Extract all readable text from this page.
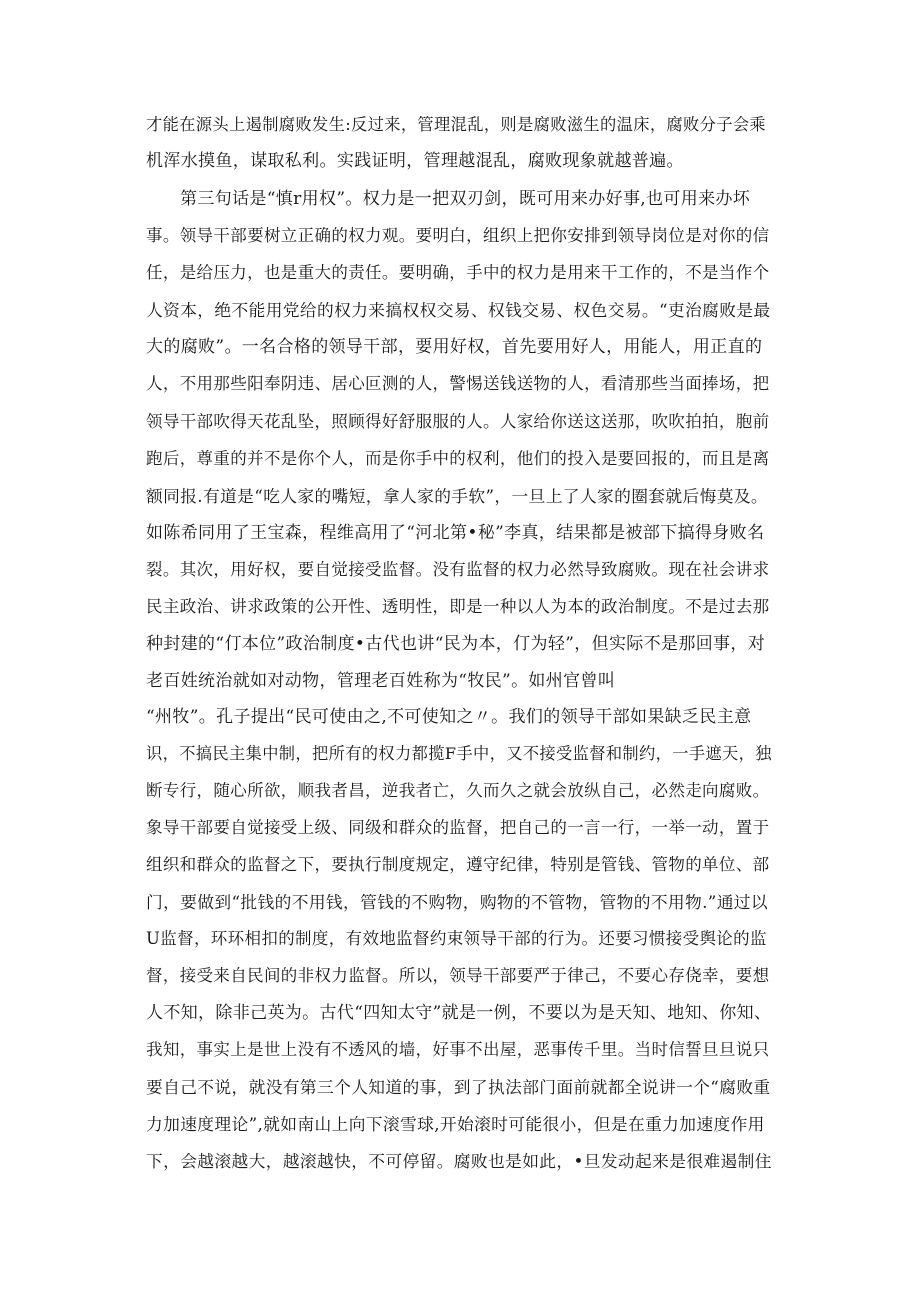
才能在源头上遏制腐败发生:反过来，管理混乱，则是腐败滋生的温床，腐败分子会乘
机浑水摸鱼，谋取私利。实践证明，管理越混乱，腐败现象就越普遍。
第三句话是“慎r用权”。权力是一把双刃剑，既可用来办好事,也可用来办坏
事。领导干部要树立正确的权力观。要明白，组织上把你安排到领导岗位是对你的信
任，是给压力，也是重大的责任。要明确，手中的权力是用来干工作的，不是当作个
人资本，绝不能用党给的权力来搞权权交易、权钱交易、权色交易。“吏治腐败是最
大的腐败”。一名合格的领导干部，要用好权，首先要用好人，用能人，用正直的
人，不用那些阳奉阴违、居心叵测的人，警惕送钱送物的人，看清那些当面捧场，把
领导干部吹得天花乱坠，照顾得好舒服服的人。人家给你送这送那，吹吹拍拍，胞前
跑后，尊重的并不是你个人，而是你手中的权利，他们的投入是要回报的，而且是离
额同报.有道是“吃人家的嘴短，拿人家的手软”，一旦上了人家的圈套就后悔莫及。
如陈希同用了王宝森，程维高用了“河北第•秘”李真，结果都是被部下搞得身败名
裂。其次，用好权，要自觉接受监督。没有监督的权力必然导致腐败。现在社会讲求
民主政治、讲求政策的公开性、透明性，即是一种以人为本的政治制度。不是过去那
种封建的“仃本位”政治制度•古代也讲“民为本，仃为轻”，但实际不是那回事，对
老百姓统治就如对动物，管理老百姓称为“牧民”。如州官曾叫
“州牧”。孔子提出“民可使由之,不可使知之〃。我们的领导干部如果缺乏民主意
识，不搞民主集中制，把所有的权力都揽F手中，又不接受监督和制约，一手遮天，独
断专行，随心所欲，顺我者昌，逆我者亡，久而久之就会放纵自己，必然走向腐败。
象导干部要自觉接受上级、同级和群众的监督，把自己的一言一行，一举一动，置于
组织和群众的监督之下，要执行制度规定，遵守纪律，特别是管钱、管物的单位、部
门，要做到“批钱的不用钱，管钱的不购物，购物的不管物，管物的不用物.”通过以
U监督，环环相扣的制度，有效地监督约束领导干部的行为。还要习惯接受舆论的监
督，接受来自民间的非权力监督。所以，领导干部要严于律己，不要心存侥幸，要想
人不知，除非己英为。古代“四知太守”就是一例，不要以为是天知、地知、你知、
我知，事实上是世上没有不透风的墙，好事不出屋，恶事传千里。当时信誓旦旦说只
要自己不说，就没有第三个人知道的事，到了执法部门面前就都全说讲一个“腐败重
力加速度理论”,就如南山上向下滚雪球,开始滚时可能很小，但是在重力加速度作用
下，会越滚越大，越滚越快，不可停留。腐败也是如此，•旦发动起来是很难遏制住
